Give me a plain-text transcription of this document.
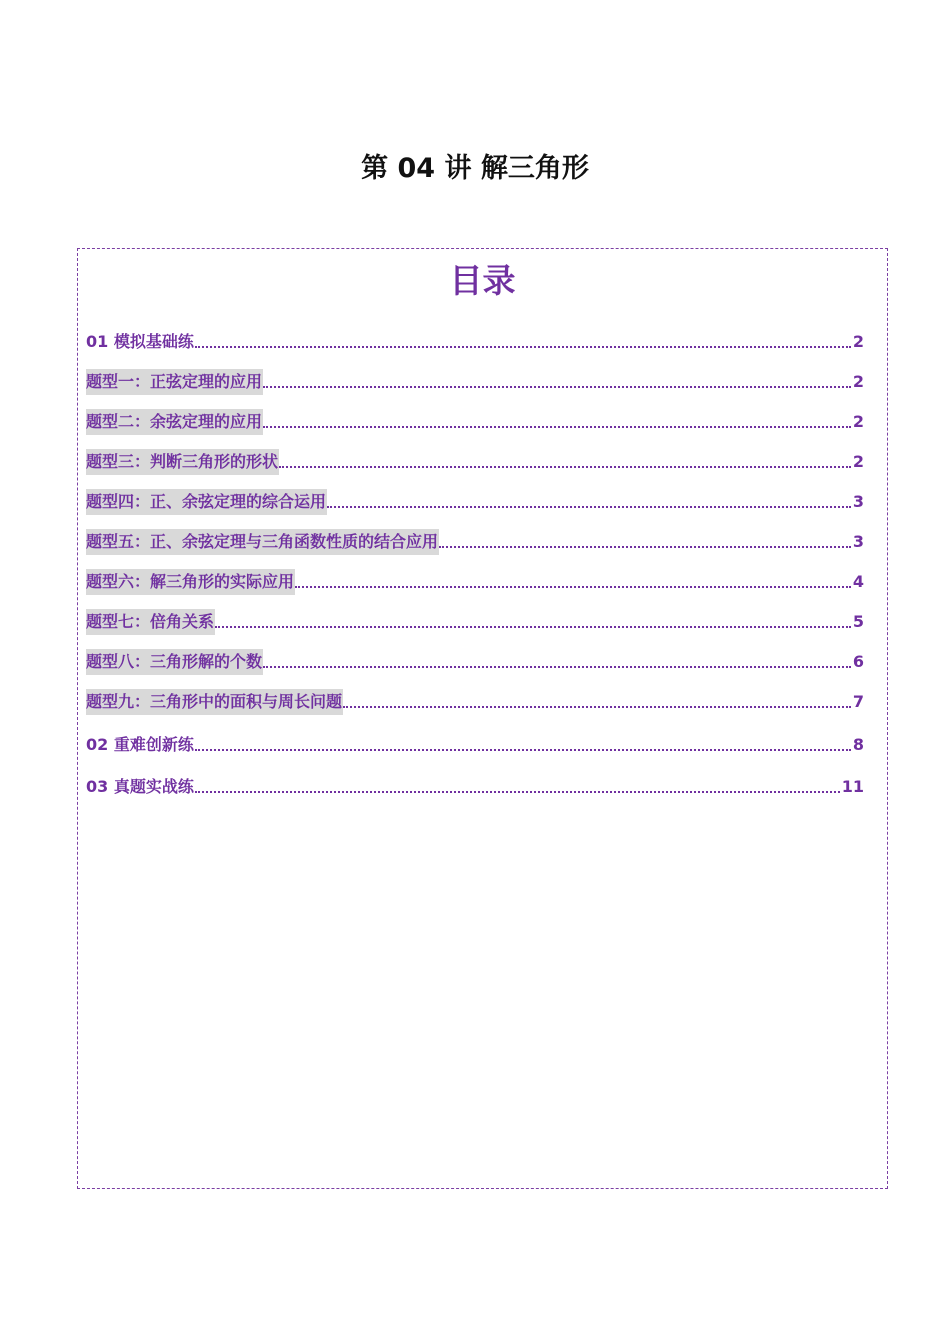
第 04 讲 解三角形
目录
01 模拟基础练	2
题型一：正弦定理的应用	2
题型二：余弦定理的应用	2
题型三：判断三角形的形状	2
题型四：正、余弦定理的综合运用	3
题型五：正、余弦定理与三角函数性质的结合应用	3
题型六：解三角形的实际应用	4
题型七：倍角关系	5
题型八：三角形解的个数	6
题型九：三角形中的面积与周长问题	7
02 重难创新练	8
03 真题实战练	11
